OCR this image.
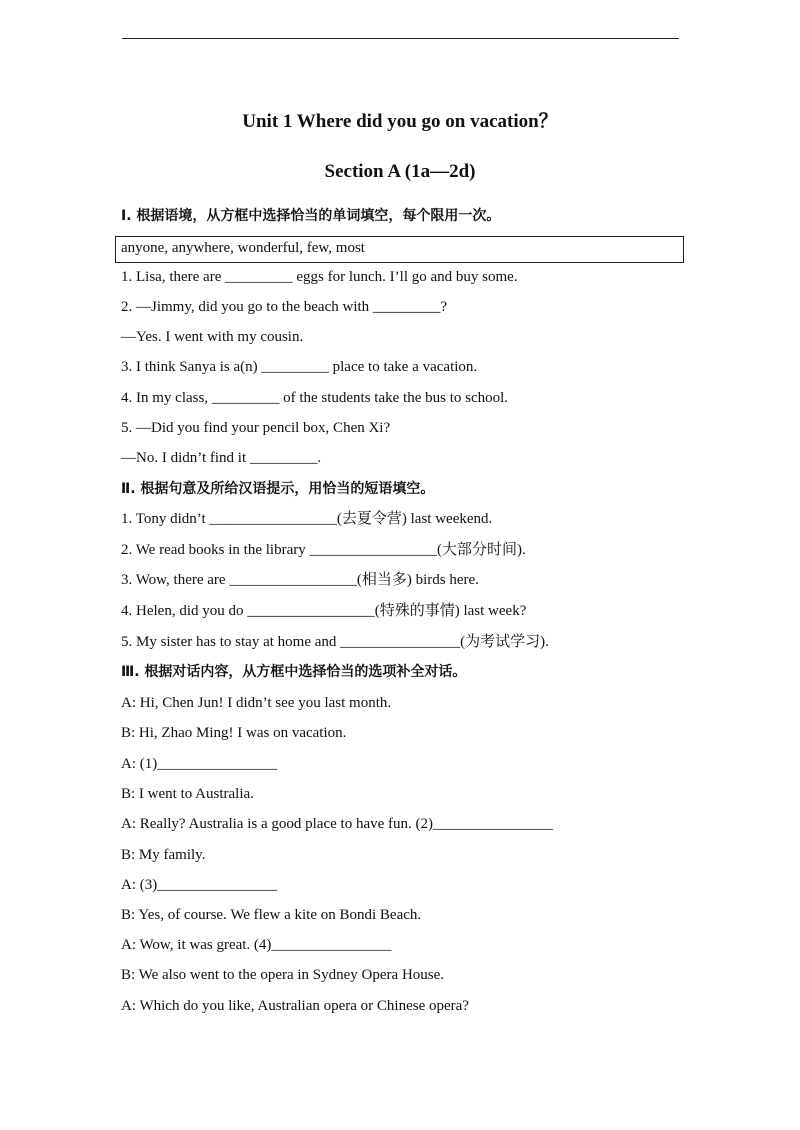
Unit 1 Where did you go on vacation？
Section A (1a—2d)
Ⅰ. 根据语境，从方框中选择恰当的单词填空，每个限用一次。
anyone, anywhere, wonderful, few, most
1. Lisa, there are _________ eggs for lunch. I’ll go and buy some.
2. —Jimmy, did you go to the beach with _________?
—Yes. I went with my cousin.
3. I think Sanya is a(n) _________ place to take a vacation.
4. In my class, _________ of the students take the bus to school.
5. —Did you find your pencil box, Chen Xi?
—No. I didn’t find it _________.
Ⅱ. 根据句意及所给汉语提示，用恰当的短语填空。
1. Tony didn’t _________________(去夏令营) last weekend.
2. We read books in the library _________________(大部分时间).
3. Wow, there are _________________(相当多) birds here.
4. Helen, did you do _________________(特殊的事情) last week?
5. My sister has to stay at home and ________________(为考试学习).
Ⅲ. 根据对话内容，从方框中选择恰当的选项补全对话。
A: Hi, Chen Jun! I didn’t see you last month.
B: Hi, Zhao Ming! I was on vacation.
A: (1)________________
B: I went to Australia.
A: Really? Australia is a good place to have fun. (2)________________
B: My family.
A: (3)________________
B: Yes, of course. We flew a kite on Bondi Beach.
A: Wow, it was great. (4)________________
B: We also went to the opera in Sydney Opera House.
A: Which do you like, Australian opera or Chinese opera?
